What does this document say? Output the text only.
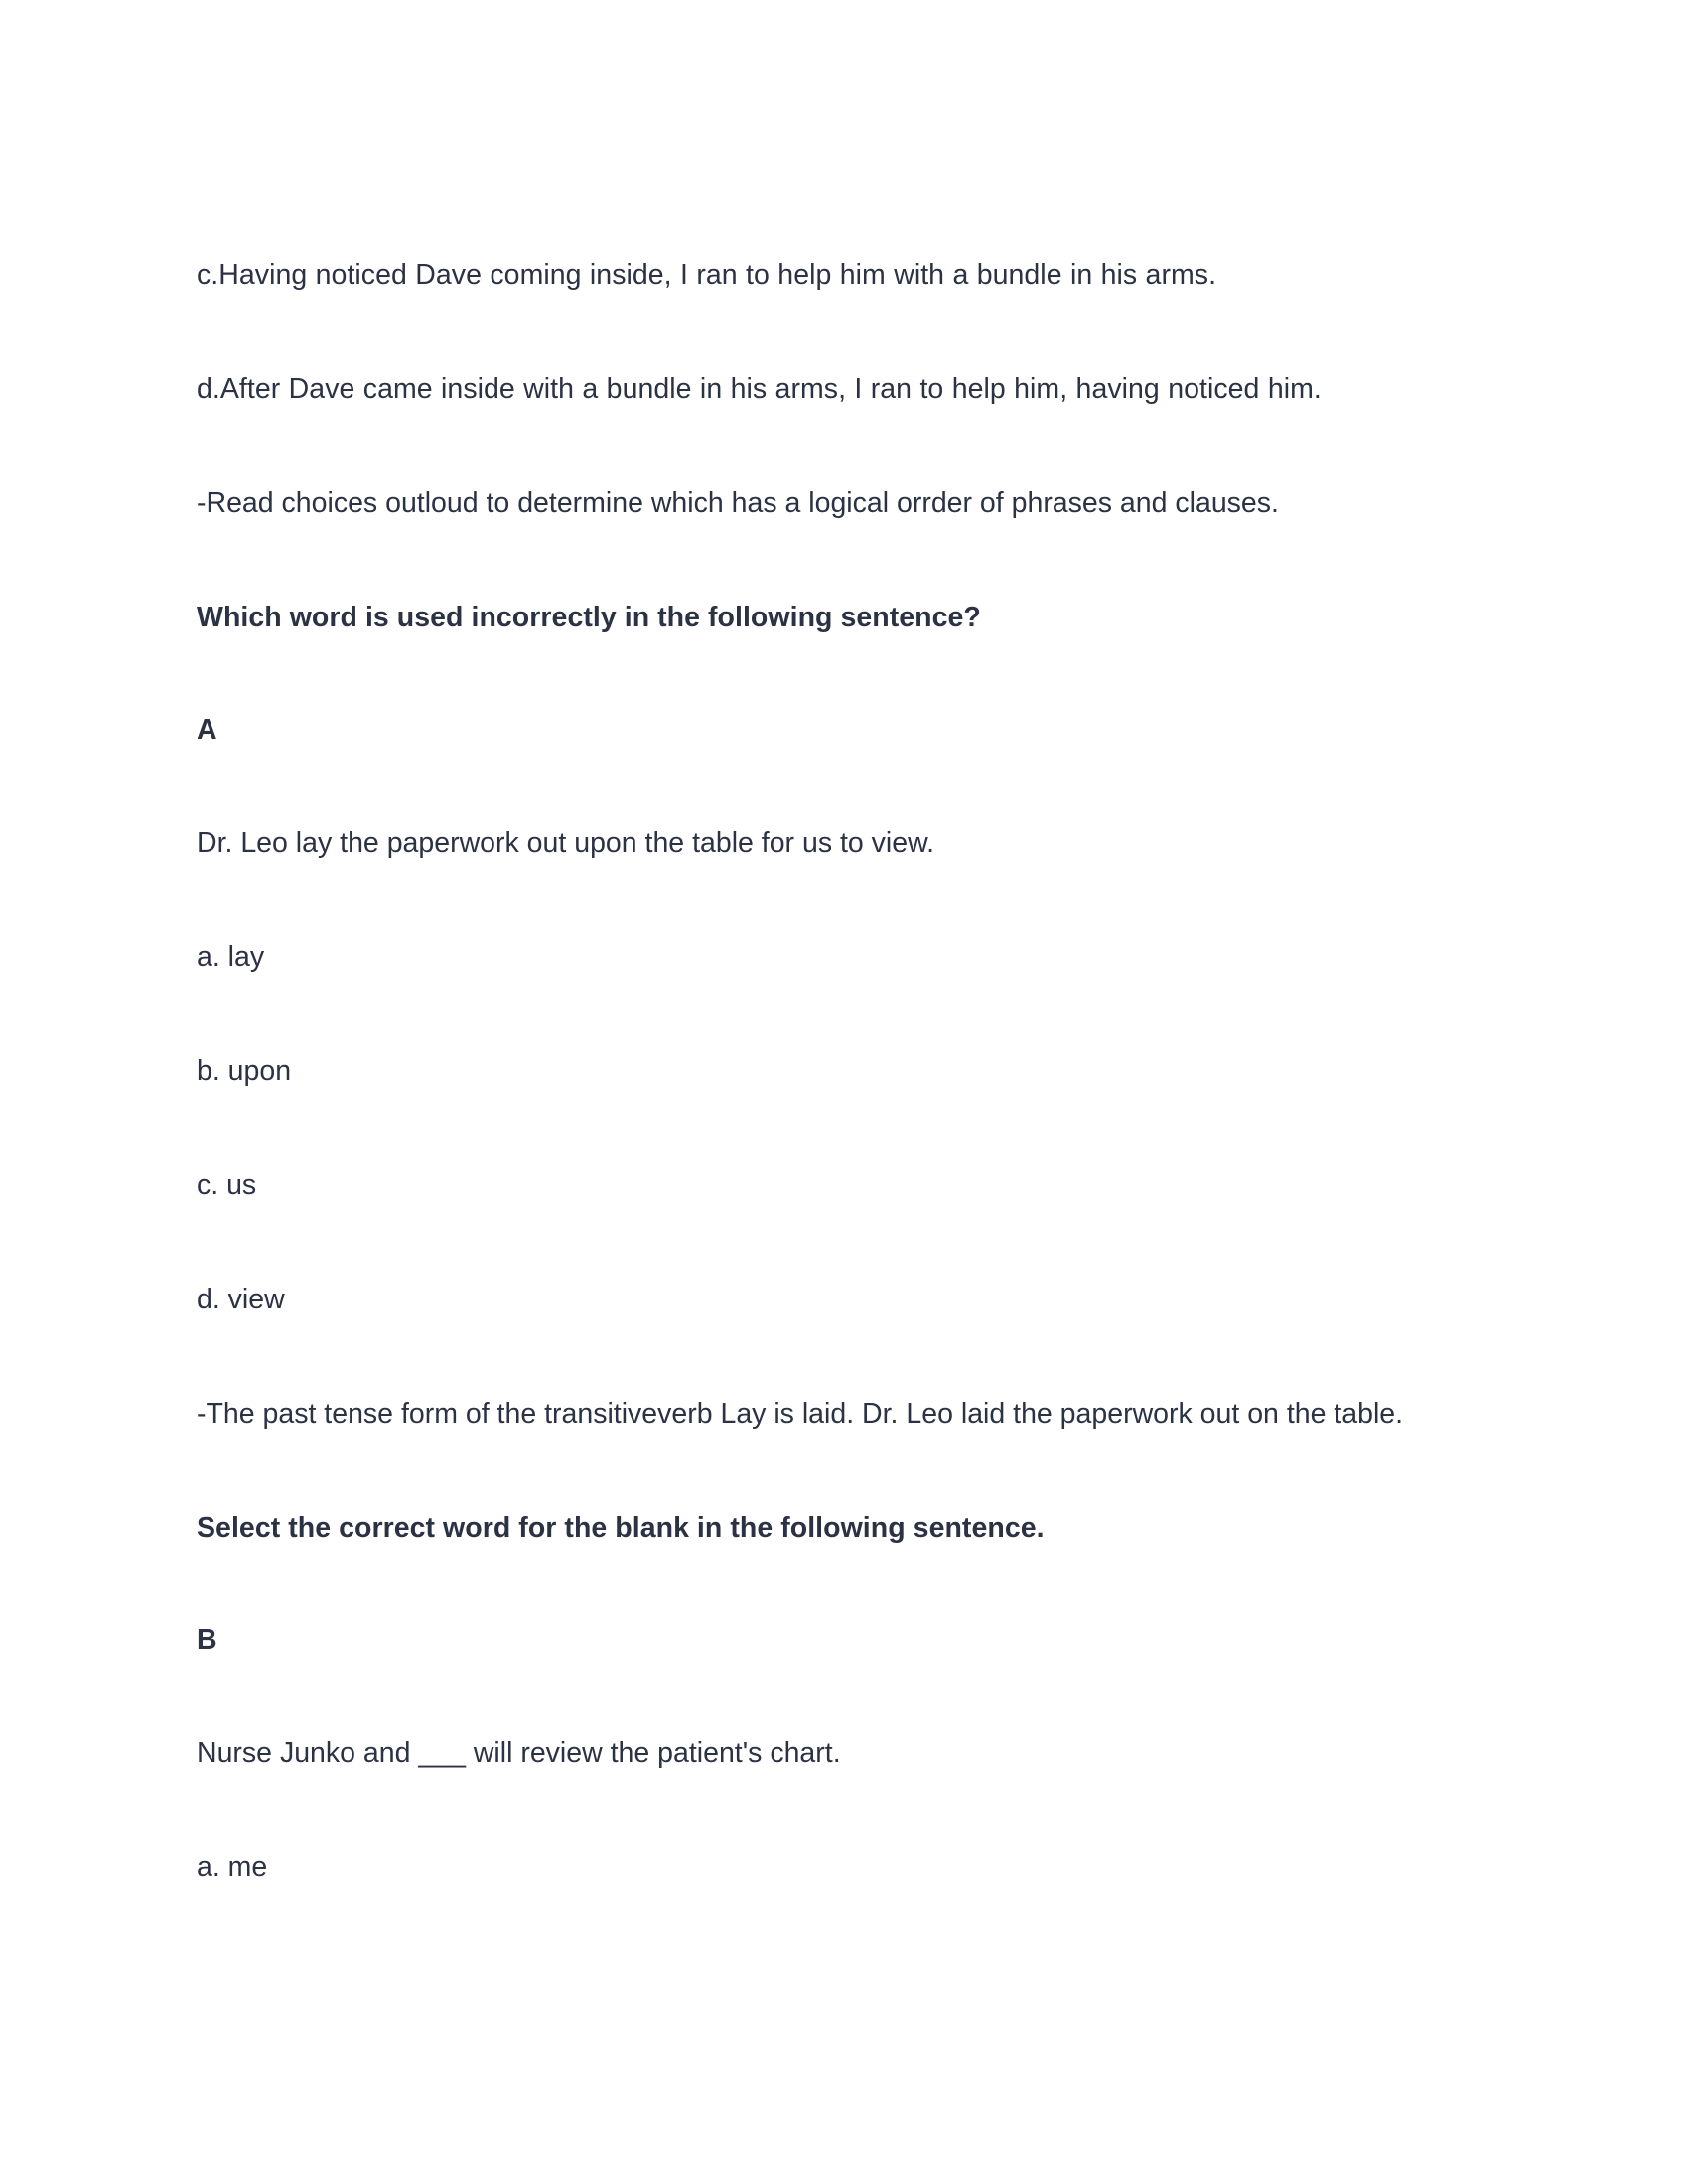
c.Having noticed Dave coming inside, I ran to help him with a bundle in his arms.

d.After Dave came inside with a bundle in his arms, I ran to help him, having noticed him.

-Read choices outloud to determine which has a logical orrder of phrases and clauses.

Which word is used incorrectly in the following sentence?

A

Dr. Leo lay the paperwork out upon the table for us to view.

a. lay

b. upon

c. us

d. view

-The past tense form of the transitiveverb Lay is laid. Dr. Leo laid the paperwork out on the table.

Select the correct word for the blank in the following sentence.

B

Nurse Junko and ___ will review the patient's chart.

a. me
